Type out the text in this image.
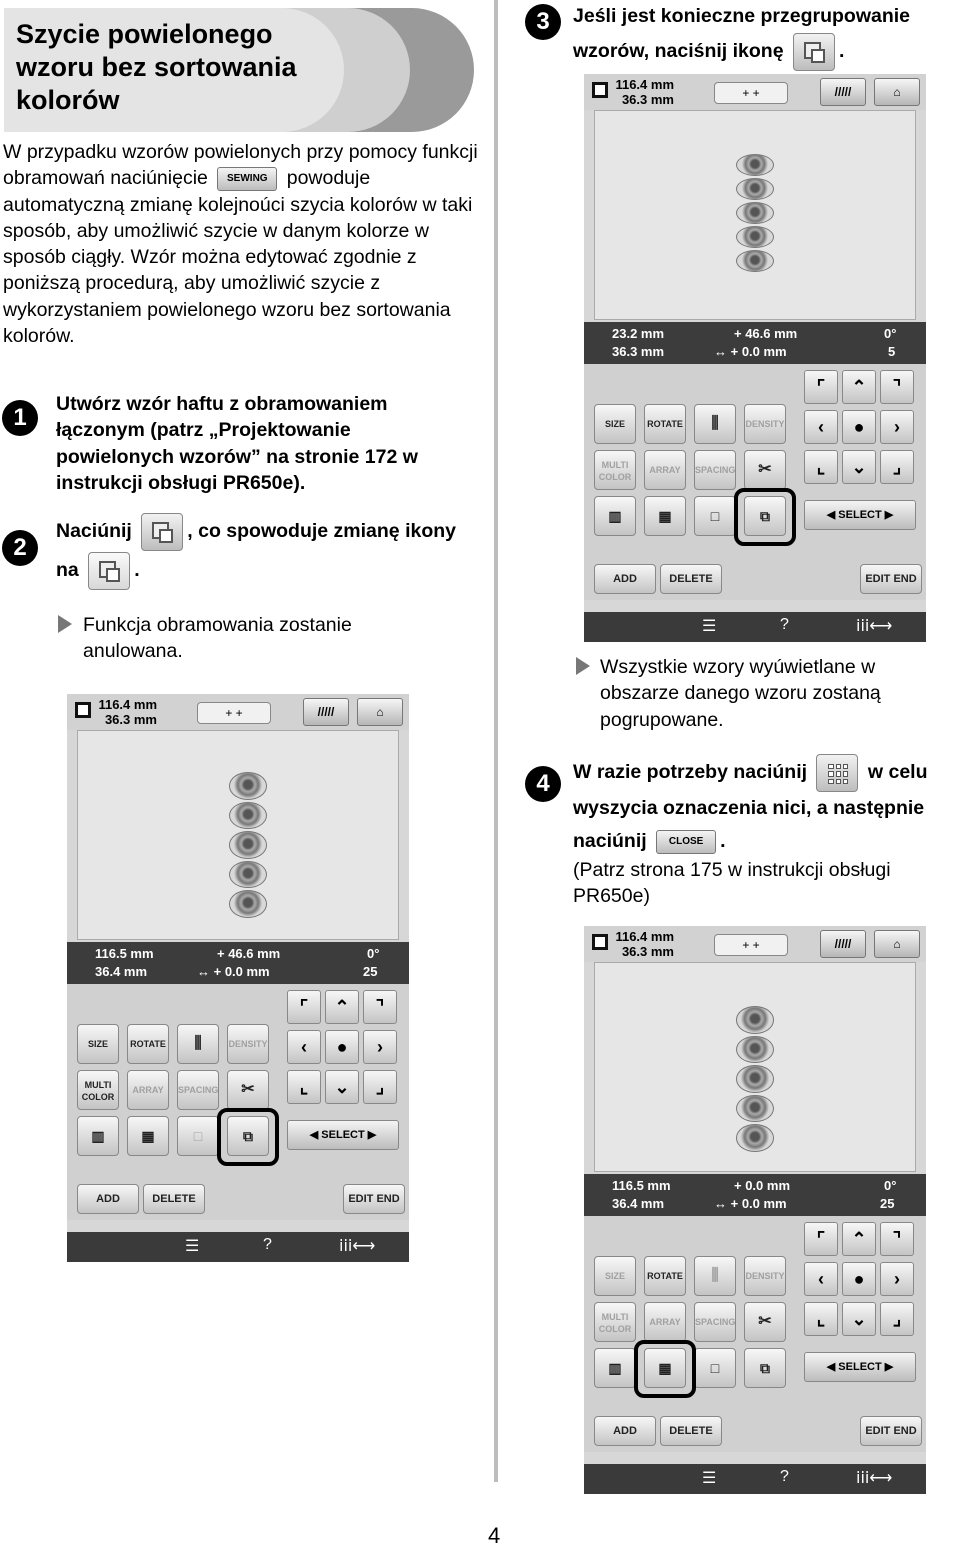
Szycie powielonego wzoru bez sortowania kolorów
W przypadku wzorów powielonych przy pomocy funkcji obramowań naciúnięcie SEWING powoduje automatyczną zmianę kolejnoúci szycia kolorów w taki sposób, aby umożliwić szycie w danym kolorze w sposób ciągły. Wzór można edytować zgodnie z poniższą procedurą, aby umożliwić szycie z wykorzystaniem powielonego wzoru bez sortowania kolorów.
1	Utwórz wzór haftu z obramowaniem łączonym (patrz „Projektowanie powielonych wzorów” na stronie 172 w instrukcji obsługi PR650e).
2
Naciúnij	, co spowoduje zmianę ikony na	.
Funkcja obramowania zostanie anulowana.
116.4 mm
36.3 mm	+ +	/////	⌂
116.5 mm
36.4 mm
+ 46.6 mm
↔ + 0.0 mm
0°
25
SIZE	ROTATE	⫼	DENSITY
MULTI COLOR
ARRAY	SPACING	✂
▥	▦	□	⧉
⌜	⌃	⌝
‹	●	›
⌞	⌄	⌟
◀ SELECT ▶
ADD	DELETE	EDIT END
☰	?	ⅰⅰⅰ⟷
3	Jeśli jest konieczne przegrupowanie wzorów, naciśnij ikonę	.
116.4 mm
36.3 mm	+ +	/////	⌂
23.2 mm
36.3 mm
+ 46.6 mm
↔ + 0.0 mm
0°
5
SIZE	ROTATE	⫼	DENSITY
MULTI COLOR
ARRAY	SPACING	✂
▥	▦	□	⧉
⌜	⌃	⌝
‹	●	›
⌞	⌄	⌟
◀ SELECT ▶
ADD	DELETE	EDIT END
☰	?	ⅰⅰⅰ⟷
Wszystkie wzory wyúwietlane w obszarze danego wzoru zostaną pogrupowane.
4	W razie potrzeby naciúnij	w celu wyszycia oznaczenia nici, a następnie naciúnij CLOSE .
(Patrz strona 175 w instrukcji obsługi PR650e)
116.4 mm
36.3 mm	+ +	/////	⌂
116.5 mm
36.4 mm
+ 0.0 mm
↔ + 0.0 mm
0°
25
SIZE	ROTATE	⫼	DENSITY
MULTI COLOR
ARRAY	SPACING	✂
▥	▦	□	⧉
⌜	⌃	⌝
‹	●	›
⌞	⌄	⌟
◀ SELECT ▶
ADD	DELETE	EDIT END
☰	?	ⅰⅰⅰ⟷
4
